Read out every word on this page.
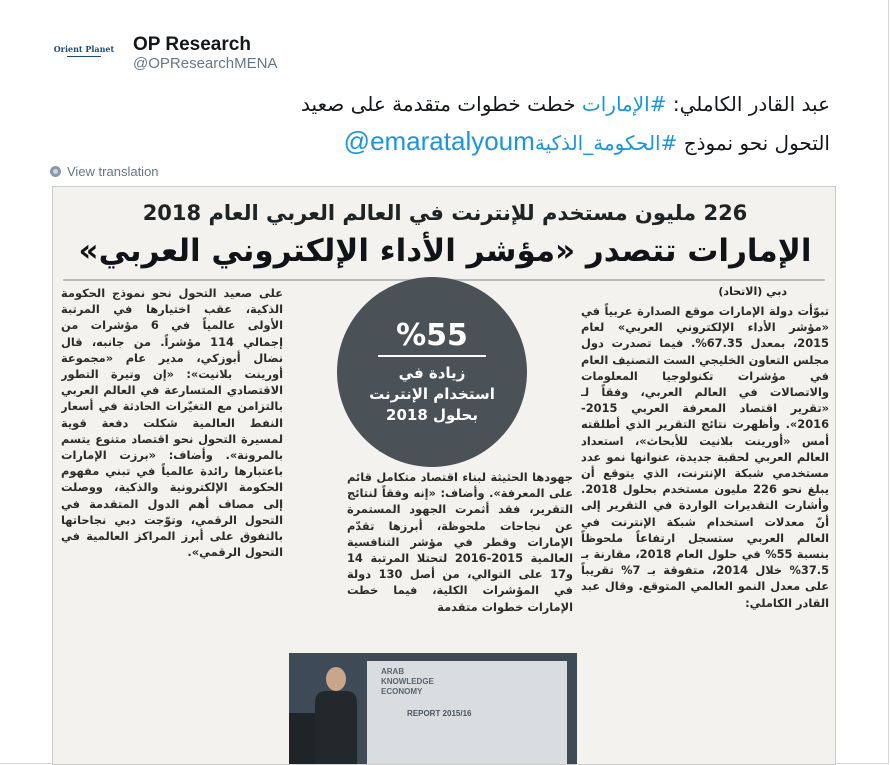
Orient Planet OP Research
@OPResearchMENA
عبد القادر الكاملي: #الإمارات خطت خطوات متقدمة على صعيد
التحول نحو نموذج #الحكومة_الذكية@emaratalyoum
View translation
226 مليون مستخدم للإنترنت في العالم العربي العام 2018
الإمارات تتصدر «مؤشر الأداء الإلكتروني العربي»
دبي (الاتحاد)
تبوّأت دولة الإمارات موقع الصدارة عربياً في «مؤشر الأداء الإلكتروني العربي» لعام 2015، بمعدل 67.35%. فيما تصدرت دول مجلس التعاون الخليجي الست التصنيف العام في مؤشرات تكنولوجيا المعلومات والاتصالات في العالم العربي، وفقاً لـ «تقرير اقتصاد المعرفة العربي 2015-2016». وأظهرت نتائج التقرير الذي أطلقته أمس «أورينت بلانيت للأبحاث»، استعداد العالم العربي لحقبة جديدة، عنوانها نمو عدد مستخدمي شبكة الإنترنت، الذي يتوقع أن يبلغ نحو 226 مليون مستخدم بحلول 2018. وأشارت التقديرات الواردة في التقرير إلى أنّ معدلات استخدام شبكة الإنترنت في العالم العربي ستسجل ارتفاعاً ملحوظاً بنسبة 55% في حلول العام 2018، مقارنة بـ 37.5% خلال 2014، متفوقة بـ 7% تقريباً على معدل النمو العالمي المتوقع. وقال عبد القادر الكاملي:
على صعيد التحول نحو نموذج الحكومة الذكية، عقب اختيارها في المرتبة الأولى عالمياً في 6 مؤشرات من إجمالي 114 مؤشراً. من جانبه، قال نضال أبوزكي، مدير عام «مجموعة أورينت بلانيت»: «إن وتيرة التطور الاقتصادي المتسارعة في العالم العربي بالتزامن مع التغيّرات الحادثة في أسعار النفط العالمية شكلت دفعة قوية لمسيرة التحول نحو اقتصاد متنوع يتسم بالمرونة». وأضاف: «برزت الإمارات باعتبارها رائدة عالمياً في تبني مفهوم الحكومة الإلكترونية والذكية، ووصلت إلى مصاف أهم الدول المتقدمة في التحول الرقمي، وتوّجت دبي نجاحاتها بالتفوق على أبرز المراكز العالمية في التحول الرقمي».
جهودها الحثيثة لبناء اقتصاد متكامل قائم على المعرفة». وأضاف: «إنه وفقاً لنتائج التقرير، فقد أثمرت الجهود المستمرة عن نجاحات ملحوظة، أبرزها تقدّم الإمارات وقطر في مؤشر التنافسية العالمية 2015-2016 لتحتلا المرتبة 14 و17 على التوالي، من أصل 130 دولة في المؤشرات الكلية، فيما خطت الإمارات خطوات متقدمة
%55
زيادة في
استخدام الإنترنت
بحلول 2018
ARAB
KNOWLEDGE
ECONOMY
REPORT 2015/16
